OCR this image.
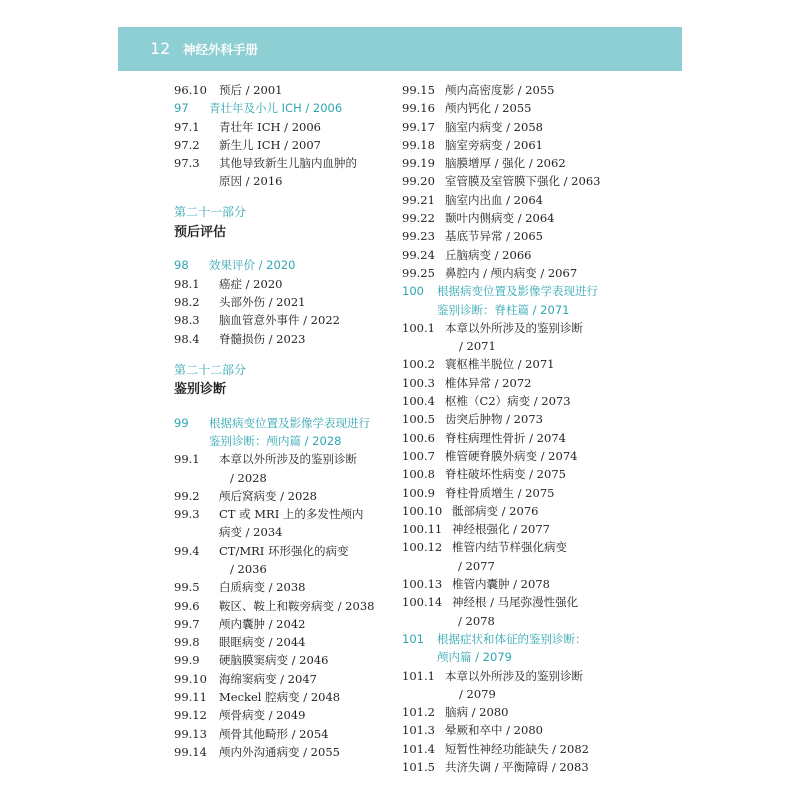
12 神经外科手册
96.10 预后 / 2001
97 青壮年及小儿 ICH / 2006
97.1 青壮年 ICH / 2006
97.2 新生儿 ICH / 2007
97.3 其他导致新生儿脑内血肿的
原因 / 2016
第二十一部分
预后评估
98 效果评价 / 2020
98.1 癌症 / 2020
98.2 头部外伤 / 2021
98.3 脑血管意外事件 / 2022
98.4 脊髓损伤 / 2023
第二十二部分
鉴别诊断
99 根据病变位置及影像学表现进行
鉴别诊断：颅内篇 / 2028
99.1 本章以外所涉及的鉴别诊断
/ 2028
99.2 颅后窝病变 / 2028
99.3 CT 或 MRI 上的多发性颅内
病变 / 2034
99.4 CT/MRI 环形强化的病变
/ 2036
99.5 白质病变 / 2038
99.6 鞍区、鞍上和鞍旁病变 / 2038
99.7 颅内囊肿 / 2042
99.8 眼眶病变 / 2044
99.9 硬脑膜窦病变 / 2046
99.10 海绵窦病变 / 2047
99.11 Meckel 腔病变 / 2048
99.12 颅骨病变 / 2049
99.13 颅骨其他畸形 / 2054
99.14 颅内外沟通病变 / 2055
99.15 颅内高密度影 / 2055
99.16 颅内钙化 / 2055
99.17 脑室内病变 / 2058
99.18 脑室旁病变 / 2061
99.19 脑膜增厚 / 强化 / 2062
99.20 室管膜及室管膜下强化 / 2063
99.21 脑室内出血 / 2064
99.22 颞叶内侧病变 / 2064
99.23 基底节异常 / 2065
99.24 丘脑病变 / 2066
99.25 鼻腔内 / 颅内病变 / 2067
100 根据病变位置及影像学表现进行
鉴别诊断：脊柱篇 / 2071
100.1 本章以外所涉及的鉴别诊断
/ 2071
100.2 寰枢椎半脱位 / 2071
100.3 椎体异常 / 2072
100.4 枢椎（C2）病变 / 2073
100.5 齿突后肿物 / 2073
100.6 脊柱病理性骨折 / 2074
100.7 椎管硬脊膜外病变 / 2074
100.8 脊柱破坏性病变 / 2075
100.9 脊柱骨质增生 / 2075
100.10 骶部病变 / 2076
100.11 神经根强化 / 2077
100.12 椎管内结节样强化病变
/ 2077
100.13 椎管内囊肿 / 2078
100.14 神经根 / 马尾弥漫性强化
/ 2078
101 根据症状和体征的鉴别诊断：
颅内篇 / 2079
101.1 本章以外所涉及的鉴别诊断
/ 2079
101.2 脑病 / 2080
101.3 晕厥和卒中 / 2080
101.4 短暂性神经功能缺失 / 2082
101.5 共济失调 / 平衡障碍 / 2083
